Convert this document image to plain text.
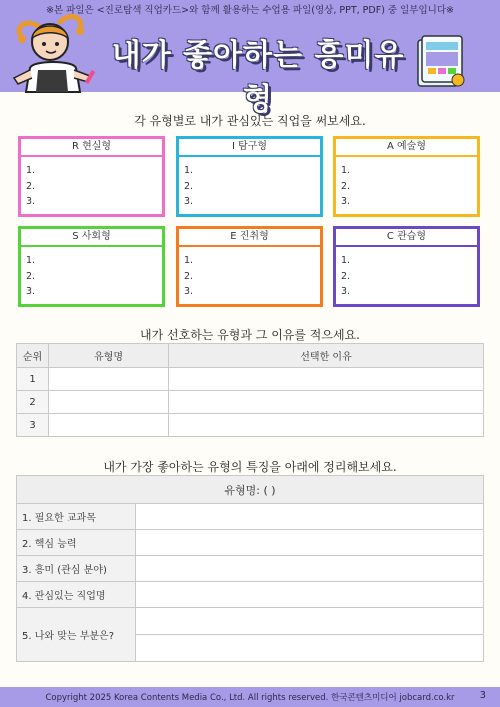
※본 파일은 <진로탐색 직업카드>와 함께 활용하는 수업용 파일(영상, PPT, PDF) 중 일부입니다※
내가 좋아하는 흥미유형
각 유형별로 내가 관심있는 직업을 써보세요.
R 현실형
1.
2.
3.
I 탐구형
1.
2.
3.
A 예술형
1.
2.
3.
S 사회형
1.
2.
3.
E 진취형
1.
2.
3.
C 관습형
1.
2.
3.
내가 선호하는 유형과 그 이유를 적으세요.
순위	유형명	선택한 이유
1		
2		
3		
내가 가장 좋아하는 유형의 특징을 아래에 정리해보세요.
유형명: ( )	
1. 필요한 교과목	
2. 핵심 능력	
3. 흥미 (관심 분야)	
4. 관심있는 직업명	
5. 나와 맞는 부분은?	

Copyright 2025 Korea Contents Media Co., Ltd. All rights reserved. 한국콘텐츠미디어 jobcard.co.kr	3
